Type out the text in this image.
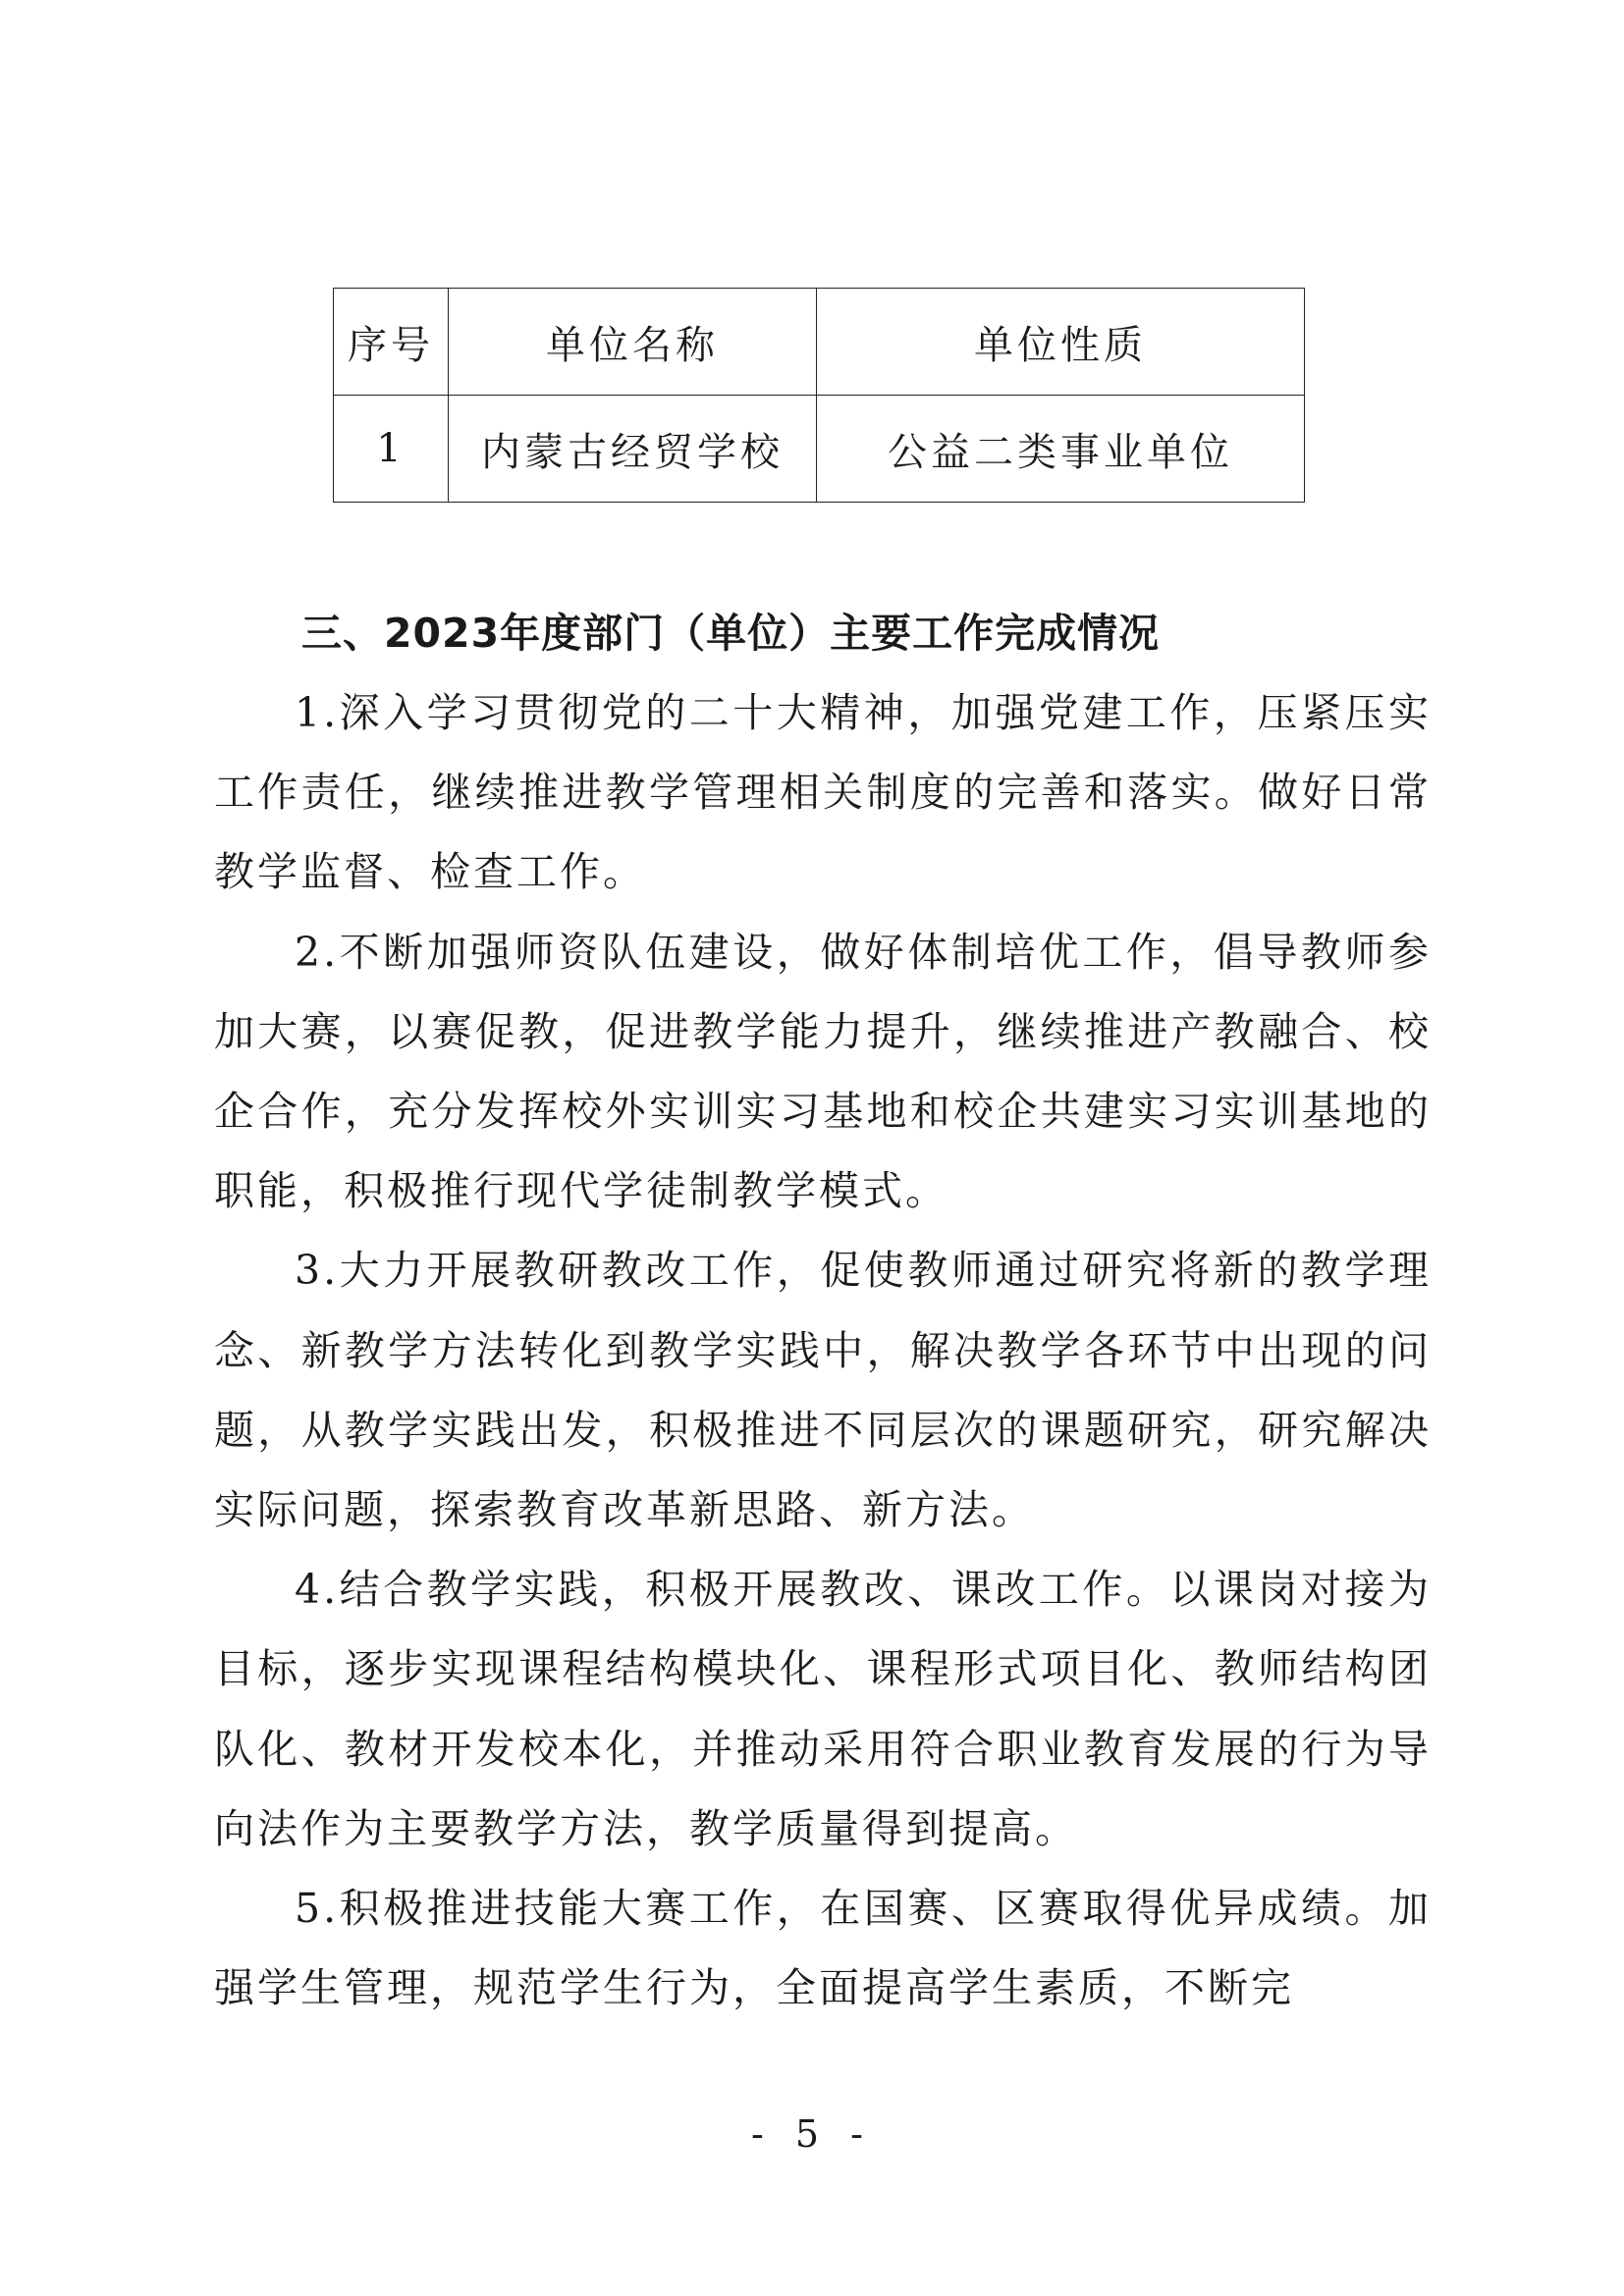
序号	单位名称	单位性质
1	内蒙古经贸学校	公益二类事业单位
三、2023年度部门（单位）主要工作完成情况

1.深入学习贯彻党的二十大精神，加强党建工作，压紧压实工作责任，继续推进教学管理相关制度的完善和落实。做好日常教学监督、检查工作。

2.不断加强师资队伍建设，做好体制培优工作，倡导教师参加大赛，以赛促教，促进教学能力提升，继续推进产教融合、校企合作，充分发挥校外实训实习基地和校企共建实习实训基地的职能，积极推行现代学徒制教学模式。

3.大力开展教研教改工作，促使教师通过研究将新的教学理念、新教学方法转化到教学实践中，解决教学各环节中出现的问题，从教学实践出发，积极推进不同层次的课题研究，研究解决实际问题，探索教育改革新思路、新方法。

4.结合教学实践，积极开展教改、课改工作。以课岗对接为目标，逐步实现课程结构模块化、课程形式项目化、教师结构团队化、教材开发校本化，并推动采用符合职业教育发展的行为导向法作为主要教学方法，教学质量得到提高。

5.积极推进技能大赛工作，在国赛、区赛取得优异成绩。加强学生管理，规范学生行为，全面提高学生素质，不断完

- 5 -
